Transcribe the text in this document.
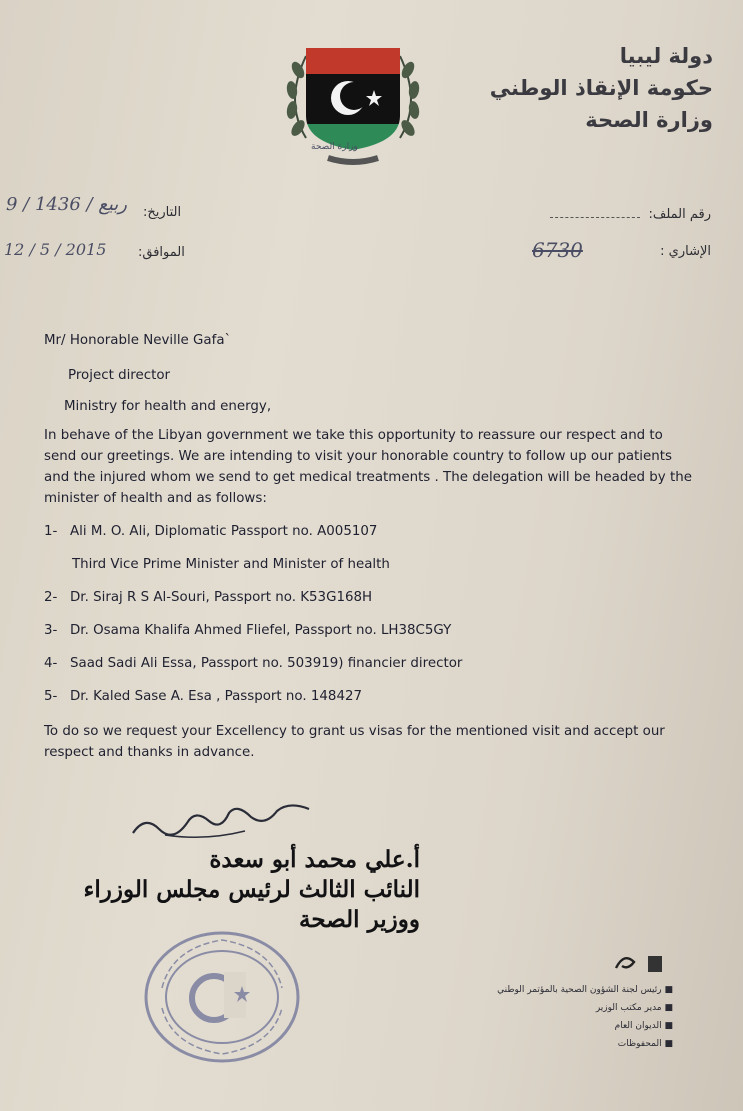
وزارة الصحة
دولة ليبيا
حكومة الإنقاذ الوطني
وزارة الصحة
رقم الملف:
الإشاري :
6730
التاريخ:
9 / ربيع / 1436
الموافق:
12 / 5 / 2015

Mr/ Honorable Neville Gafa`

Project director

Ministry for health and energy,

In behave of the Libyan government we take this opportunity to reassure our respect and to send our greetings. We are intending to visit your honorable country to follow up our patients and the injured whom we send to get medical treatments . The delegation will be headed by the minister of health and as follows:

1- Ali M. O. Ali, Diplomatic Passport no. A005107

Third Vice Prime Minister and Minister of health

2- Dr. Siraj R S Al-Souri, Passport no. K53G168H

3- Dr. Osama Khalifa Ahmed Fliefel, Passport no. LH38C5GY

4- Saad Sadi Ali Essa, Passport no. 503919) financier director

5- Dr. Kaled Sase A. Esa , Passport no. 148427

To do so we request your Excellency to grant us visas for the mentioned visit and accept our respect and thanks in advance.

أ.علي محمد أبو سعدة
النائب الثالث لرئيس مجلس الوزراء
ووزير الصحة
■ رئيس لجنة الشؤون الصحية بالمؤتمر الوطني
■ مدير مكتب الوزير
■ الديوان العام
■ المحفوظات
